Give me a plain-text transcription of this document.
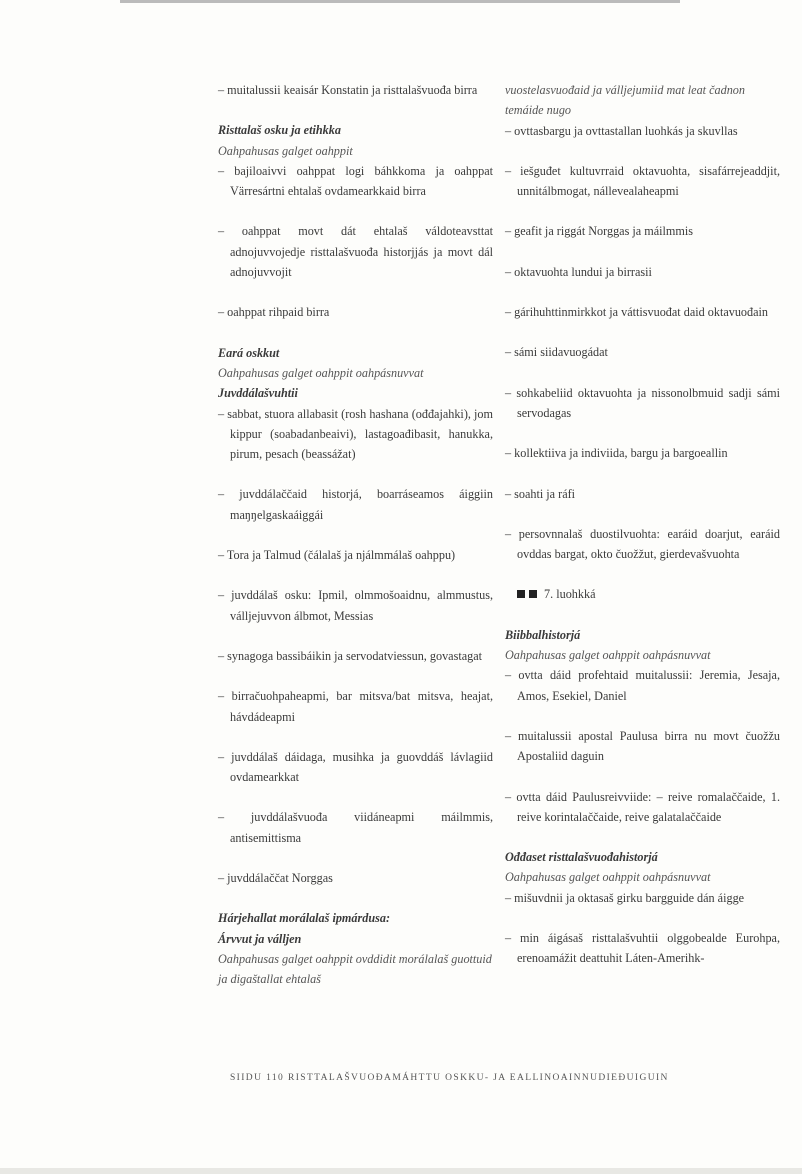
– muitalussii keaisár Konstatin ja risttalašvuođa birra

Risttalaš osku ja etihkka

Oahpahusas galget oahppit

– bajiloaivvi oahppat logi báhkkoma ja oahppat Värresártni ehtalaš ovdamearkkaid birra

– oahppat movt dát ehtalaš váldoteavsttat adnojuvvojedje risttalašvuođa historjjás ja movt dál adnojuvvojit

– oahppat rihpaid birra

Eará oskkut

Oahpahusas galget oahppit oahpásnuvvat

Juvddálašvuhtii

– sabbat, stuora allabasit (rosh hashana (ođđajahki), jom kippur (soabadanbeaivi), lastagoađibasit, hanukka, pirum, pesach (beassážat)

– juvddálaččaid historjá, boarráseamos áiggiin maŋŋelgaskaáiggái

– Tora ja Talmud (čálalaš ja njálmmálaš oahppu)

– juvddálaš osku: Ipmil, olmmošoaidnu, almmustus, válljejuvvon álbmot, Messias

– synagoga bassibáikin ja servodatviessun, govastagat

– birračuohpaheapmi, bar mitsva/bat mitsva, heajat, hávdádeapmi

– juvddálaš dáidaga, musihka ja guovddáš lávlagiid ovdamearkkat

– juvddálašvuođa viidáneapmi máilmmis, antisemittisma

– juvddálaččat Norggas

Hárjehallat morálalaš ipmárdusa:

Árvvut ja válljen

Oahpahusas galget oahppit ovddidit morálalaš guottuid ja digaštallat ehtalaš

vuostelasvuođaid ja válljejumiid mat leat čadnon temáide nugo

– ovttasbargu ja ovttastallan luohkás ja skuvllas

– iešguđet kultuvrraid oktavuohta, sisafárrejeaddjit, unnitálbmogat, nállevealaheapmi

– geafit ja riggát Norggas ja máilmmis

– oktavuohta lundui ja birrasii

– gárihuhttinmirkkot ja váttisvuođat daid oktavuođain

– sámi siidavuogádat

– sohkabeliid oktavuohta ja nissonolbmuid sadji sámi servodagas

– kollektiiva ja indiviida, bargu ja bargoeallin

– soahti ja ráfi

– persovnnalaš duostilvuohta: earáid doarjut, earáid ovddas bargat, okto čuožžut, gierdevašvuohta

7. luohkká

Biibbalhistorjá

Oahpahusas galget oahppit oahpásnuvvat

– ovtta dáid profehtaid muitalussii: Jeremia, Jesaja, Amos, Esekiel, Daniel

– muitalussii apostal Paulusa birra nu movt čuožžu Apostaliid daguin

– ovtta dáid Paulusreivviide: – reive romalaččaide, 1. reive korintalaččaide, reive galatalaččaide

Ođđaset risttalašvuođahistorjá

Oahpahusas galget oahppit oahpásnuvvat

– mišuvdnii ja oktasaš girku bargguide dán áigge

– min áigásaš risttalašvuhtii olggobealde Eurohpa, erenoamážit deattuhit Láten-Amerihk-

SIIDU 110 RISTTALAŠVUOĐAMÁHTTU OSKKU- JA EALLINOAINNUDIEĐUIGUIN
